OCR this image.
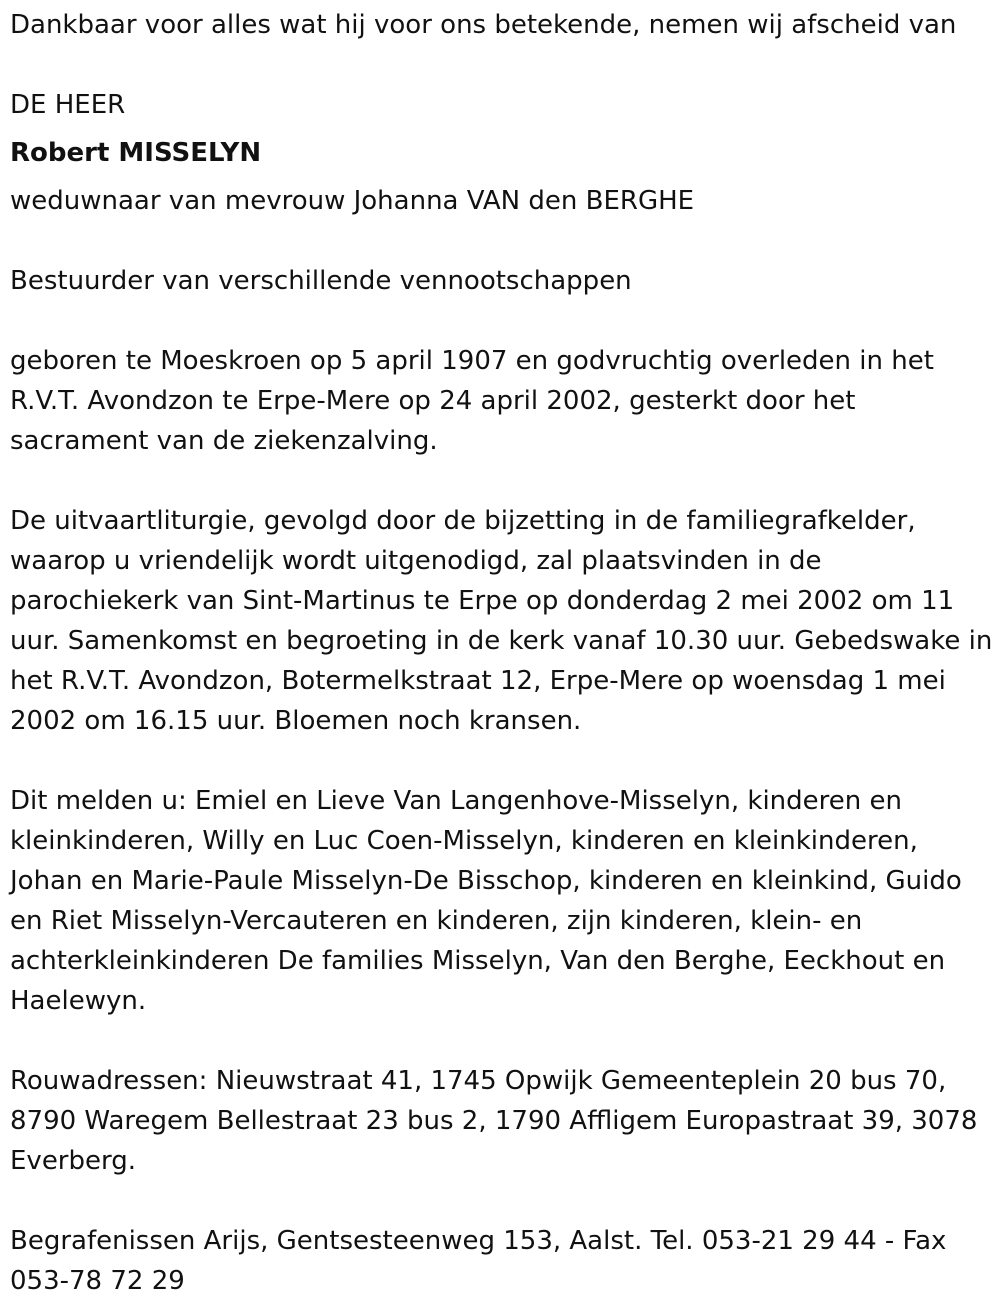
Dankbaar voor alles wat hij voor ons betekende, nemen wij afscheid van

DE HEER

Robert MISSELYN

weduwnaar van mevrouw Johanna VAN den BERGHE

Bestuurder van verschillende vennootschappen

geboren te Moeskroen op 5 april 1907 en godvruchtig overleden in het R.V.T. Avondzon te Erpe-Mere op 24 april 2002, gesterkt door het sacrament van de ziekenzalving.

De uitvaartliturgie, gevolgd door de bijzetting in de familiegrafkelder, waarop u vriendelijk wordt uitgenodigd, zal plaatsvinden in de parochiekerk van Sint-Martinus te Erpe op donderdag 2 mei 2002 om 11 uur. Samenkomst en begroeting in de kerk vanaf 10.30 uur. Gebedswake in het R.V.T. Avondzon, Botermelkstraat 12, Erpe-Mere op woensdag 1 mei 2002 om 16.15 uur. Bloemen noch kransen.

Dit melden u: Emiel en Lieve Van Langenhove-Misselyn, kinderen en kleinkinderen, Willy en Luc Coen-Misselyn, kinderen en kleinkinderen, Johan en Marie-Paule Misselyn-De Bisschop, kinderen en kleinkind, Guido en Riet Misselyn-Vercauteren en kinderen, zijn kinderen, klein- en achterkleinkinderen De families Misselyn, Van den Berghe, Eeckhout en Haelewyn.

Rouwadressen: Nieuwstraat 41, 1745 Opwijk Gemeenteplein 20 bus 70, 8790 Waregem Bellestraat 23 bus 2, 1790 Affligem Europastraat 39, 3078 Everberg.

Begrafenissen Arijs, Gentsesteenweg 153, Aalst. Tel. 053-21 29 44 - Fax 053-78 72 29
